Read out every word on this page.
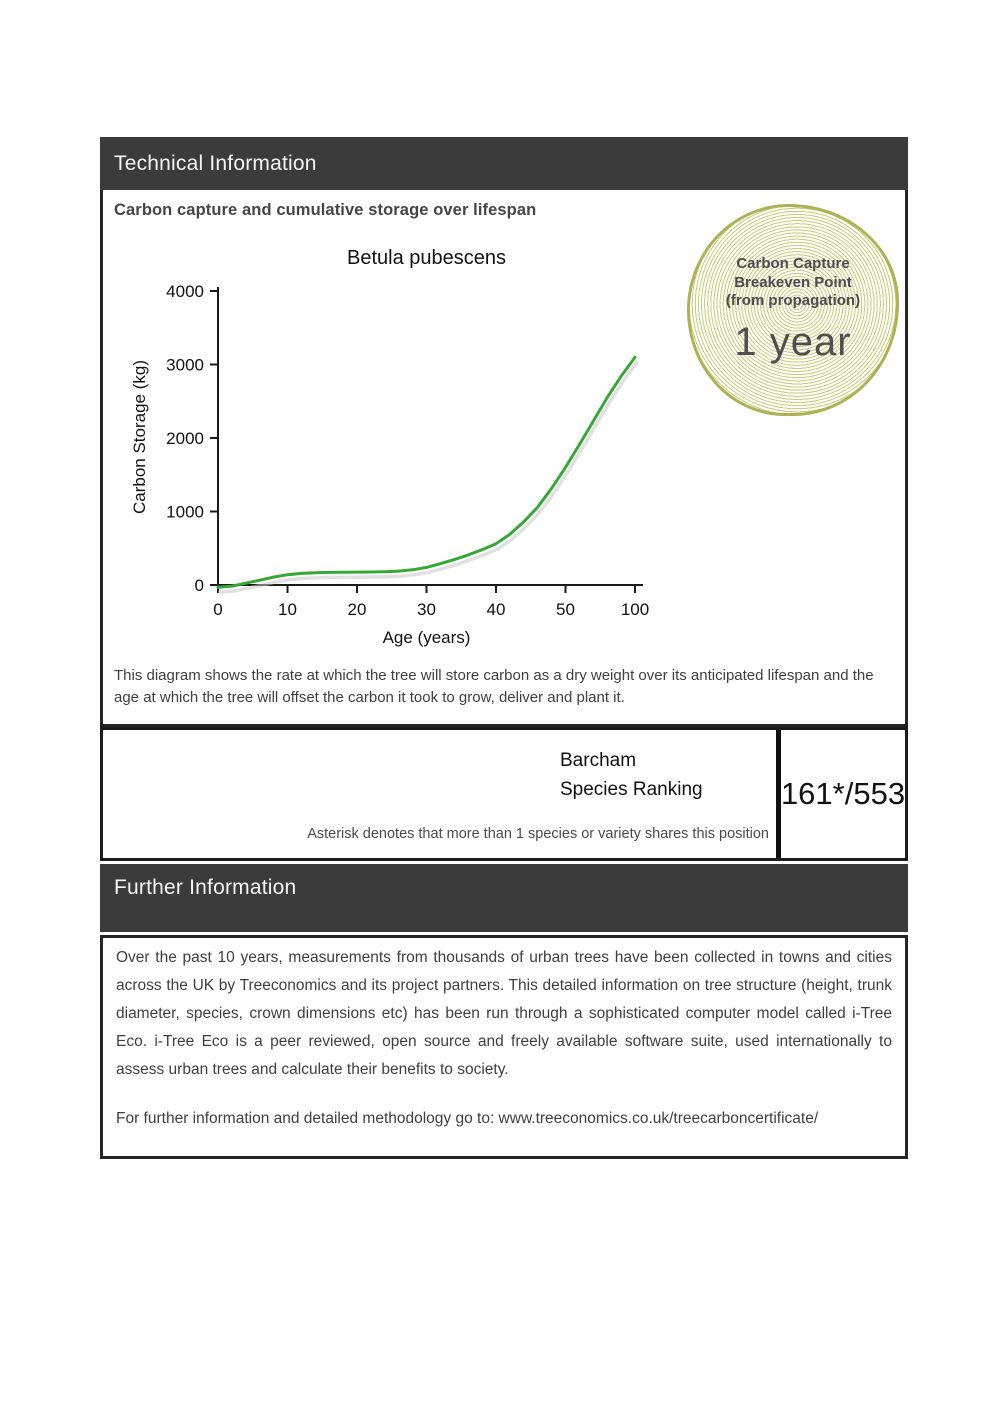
Technical Information
Carbon capture and cumulative storage over lifespan
0
1000
2000
3000
4000
0	10	20	30	40	50	100
Age (years)
Carbon Storage (kg)
Betula pubescens	Carbon Capture
Breakeven Point
(from propagation)
1 year
This diagram shows the rate at which the tree will store carbon as a dry weight over its anticipated lifespan and the age at which the tree will offset the carbon it took to grow, deliver and plant it.
Barcham
Species Ranking
Asterisk denotes that more than 1 species or variety shares this position
161*/553
Further Information
Over the past 10 years, measurements from thousands of urban trees have been collected in towns and cities across the UK by Treeconomics and its project partners. This detailed information on tree structure (height, trunk diameter, species, crown dimensions etc) has been run through a sophisticated computer model called i-Tree Eco. i-Tree Eco is a peer reviewed, open source and freely available software suite, used internationally to assess urban trees and calculate their benefits to society.
For further information and detailed methodology go to: www.treeconomics.co.uk/treecarboncertificate/
